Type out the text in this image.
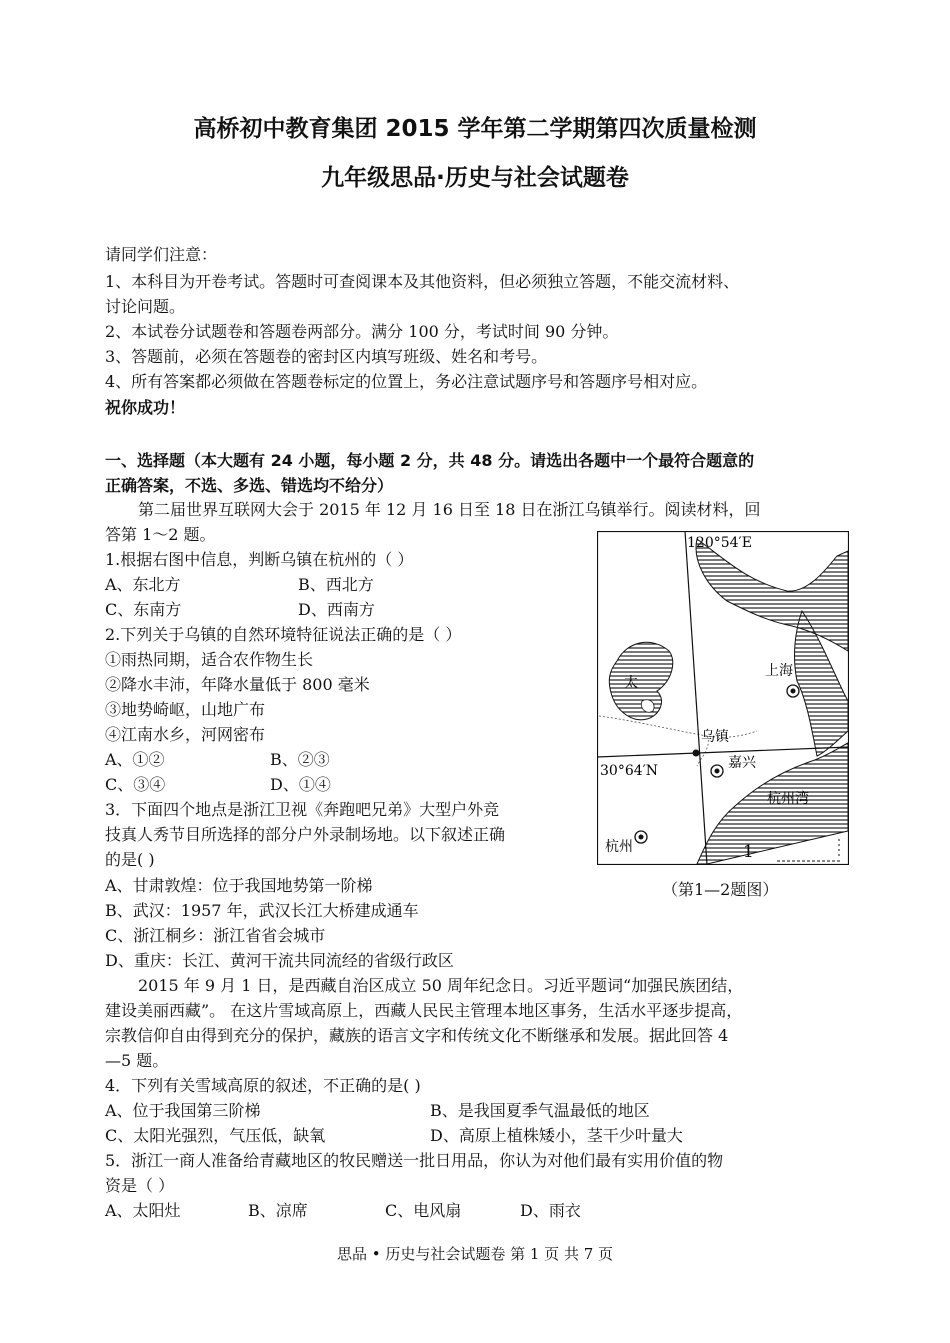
高桥初中教育集团 2015 学年第二学期第四次质量检测
九年级思品·历史与社会试题卷
请同学们注意：
1、本科目为开卷考试。答题时可查阅课本及其他资料，但必须独立答题，不能交流材料、
讨论问题。
2、本试卷分试题卷和答题卷两部分。满分 100 分，考试时间 90 分钟。
3、答题前，必须在答题卷的密封区内填写班级、姓名和考号。
4、所有答案都必须做在答题卷标定的位置上，务必注意试题序号和答题序号相对应。
祝你成功！
一、选择题（本大题有 24 小题，每小题 2 分，共 48 分。请选出各题中一个最符合题意的
正确答案，不选、多选、错选均不给分）
第二届世界互联网大会于 2015 年 12 月 16 日至 18 日在浙江乌镇举行。阅读材料，回
答第 1～2 题。
1.根据右图中信息，判断乌镇在杭州的（ ）
A、东北方	B、西北方
C、东南方	D、西南方
2.下列关于乌镇的自然环境特征说法正确的是（ ）
①雨热同期，适合农作物生长
②降水丰沛，年降水量低于 800 毫米
③地势崎岖，山地广布
④江南水乡，河网密布
A、①②	B、②③
C、③④	D、①④
3．下面四个地点是浙江卫视《奔跑吧兄弟》大型户外竞
技真人秀节目所选择的部分户外录制场地。以下叙述正确
的是( )
A、甘肃敦煌：位于我国地势第一阶梯
B、武汉：1957 年，武汉长江大桥建成通车
C、浙江桐乡：浙江省省会城市
D、重庆：长江、黄河干流共同流经的省级行政区
2015 年 9 月 1 日，是西藏自治区成立 50 周年纪念日。习近平题词“加强民族团结，
建设美丽西藏”。 在这片雪域高原上，西藏人民民主管理本地区事务，生活水平逐步提高，
宗教信仰自由得到充分的保护，藏族的语言文字和传统文化不断继承和发展。据此回答 4
—5 题。
4．下列有关雪域高原的叙述，不正确的是( )
A、位于我国第三阶梯	B、是我国夏季气温最低的地区
C、太阳光强烈，气压低，缺氧	D、高原上植株矮小，茎干少叶量大
5．浙江一商人准备给青藏地区的牧民赠送一批日用品，你认为对他们最有实用价值的物
资是（ ）
A、太阳灶	B、凉席	C、电风扇	D、雨衣
120°54′E
30°64′N
上海
太
乌镇
嘉兴
杭州湾
杭州	1
（第1—2题图）
思品 • 历史与社会试题卷 第 1 页 共 7 页
